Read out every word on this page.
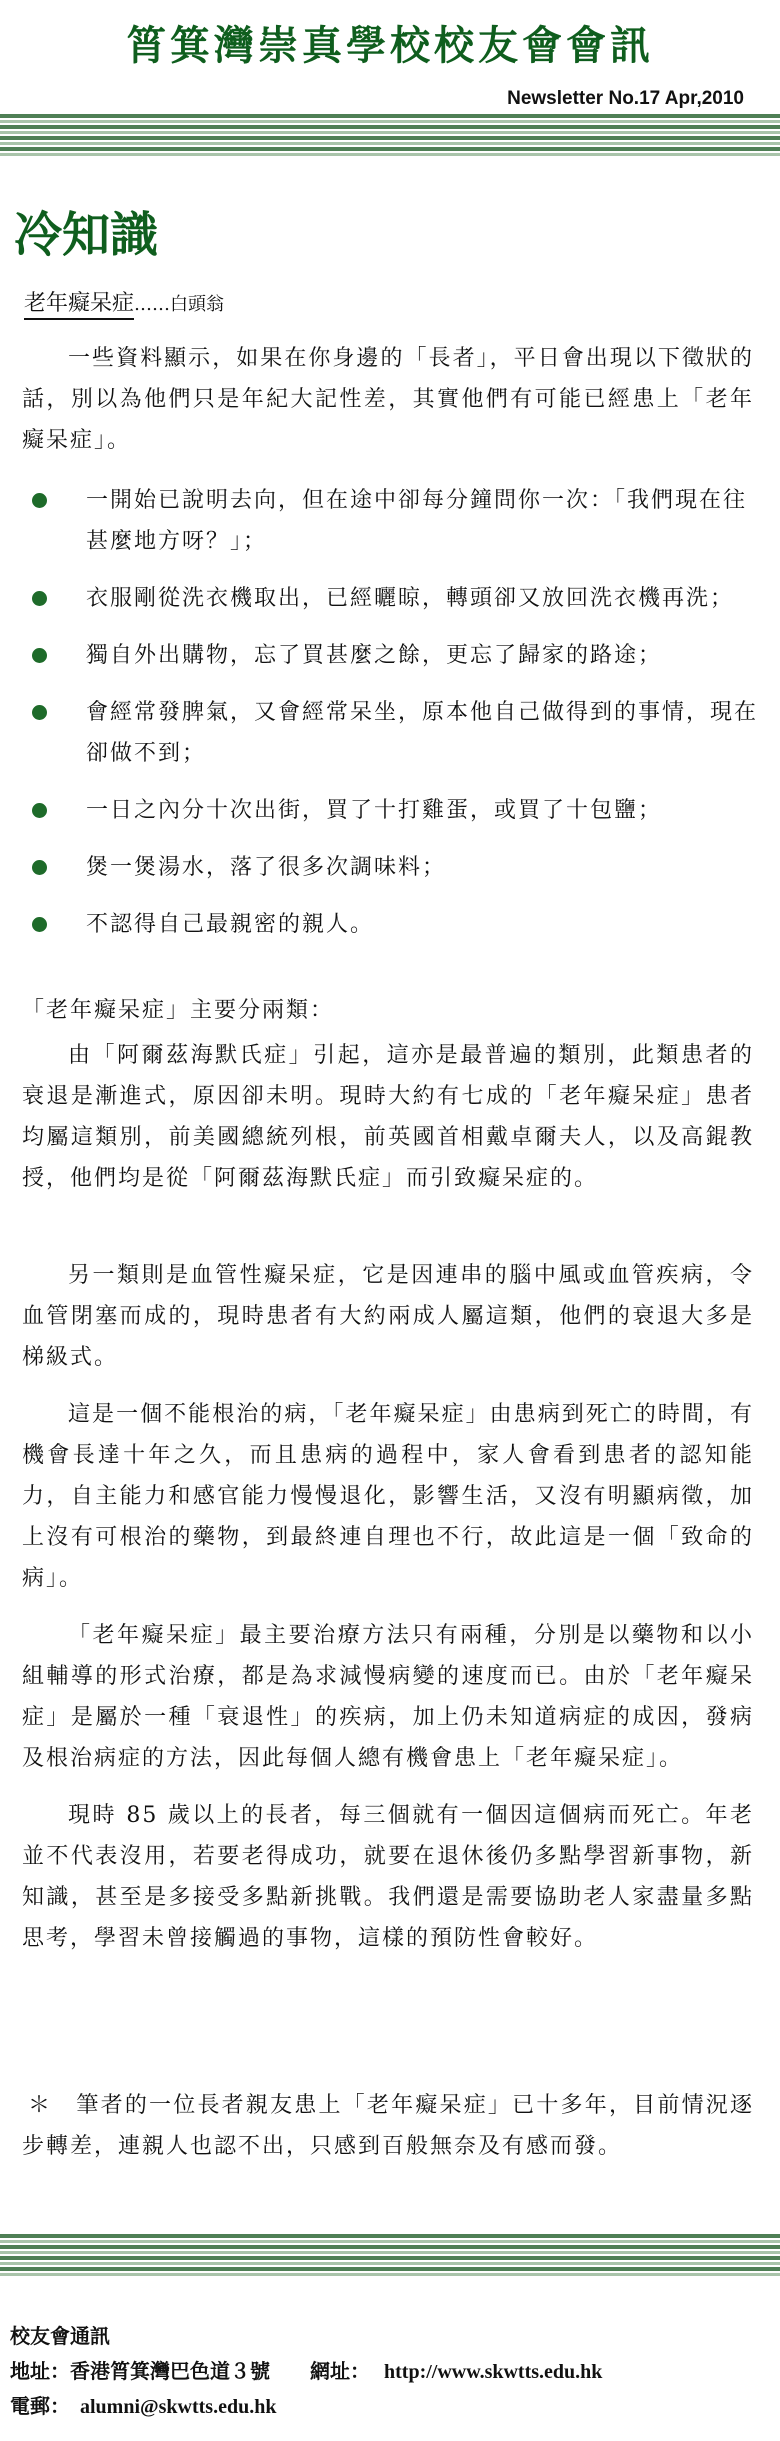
筲箕灣崇真學校校友會會訊
Newsletter No.17 Apr,2010
冷知識
老年癡呆症……白頭翁

一些資料顯示，如果在你身邊的「長者」，平日會出現以下徵狀的話，別以為他們只是年紀大記性差，其實他們有可能已經患上「老年癡呆症」。

一開始已說明去向，但在途中卻每分鐘問你一次：「我們現在往甚麼地方呀？」；
衣服剛從洗衣機取出，已經曬晾，轉頭卻又放回洗衣機再洗；
獨自外出購物，忘了買甚麼之餘，更忘了歸家的路途；
會經常發脾氣，又會經常呆坐，原本他自己做得到的事情，現在卻做不到；
一日之內分十次出街，買了十打雞蛋，或買了十包鹽；
煲一煲湯水，落了很多次調味料；
不認得自己最親密的親人。

「老年癡呆症」主要分兩類：

由「阿爾茲海默氏症」引起，這亦是最普遍的類別，此類患者的衰退是漸進式，原因卻未明。現時大約有七成的「老年癡呆症」患者均屬這類別，前美國總統列根，前英國首相戴卓爾夫人，以及高錕教授，他們均是從「阿爾茲海默氏症」而引致癡呆症的。

另一類則是血管性癡呆症，它是因連串的腦中風或血管疾病，令血管閉塞而成的，現時患者有大約兩成人屬這類，他們的衰退大多是梯級式。

這是一個不能根治的病，「老年癡呆症」由患病到死亡的時間，有機會長達十年之久，而且患病的過程中，家人會看到患者的認知能力，自主能力和感官能力慢慢退化，影響生活，又沒有明顯病徵，加上沒有可根治的藥物，到最終連自理也不行，故此這是一個「致命的病」。

「老年癡呆症」最主要治療方法只有兩種，分別是以藥物和以小組輔導的形式治療，都是為求減慢病變的速度而已。由於「老年癡呆症」是屬於一種「衰退性」的疾病，加上仍未知道病症的成因，發病及根治病症的方法，因此每個人總有機會患上「老年癡呆症」。

現時 85 歲以上的長者，每三個就有一個因這個病而死亡。年老並不代表沒用，若要老得成功，就要在退休後仍多點學習新事物，新知識，甚至是多接受多點新挑戰。我們還是需要協助老人家盡量多點思考，學習未曾接觸過的事物，這樣的預防性會較好。

＊　筆者的一位長者親友患上「老年癡呆症」已十多年，目前情況逐步轉差，連親人也認不出，只感到百般無奈及有感而發。

校友會通訊
地址：香港筲箕灣巴色道３號 網址： http://www.skwtts.edu.hk
電郵： alumni@skwtts.edu.hk
